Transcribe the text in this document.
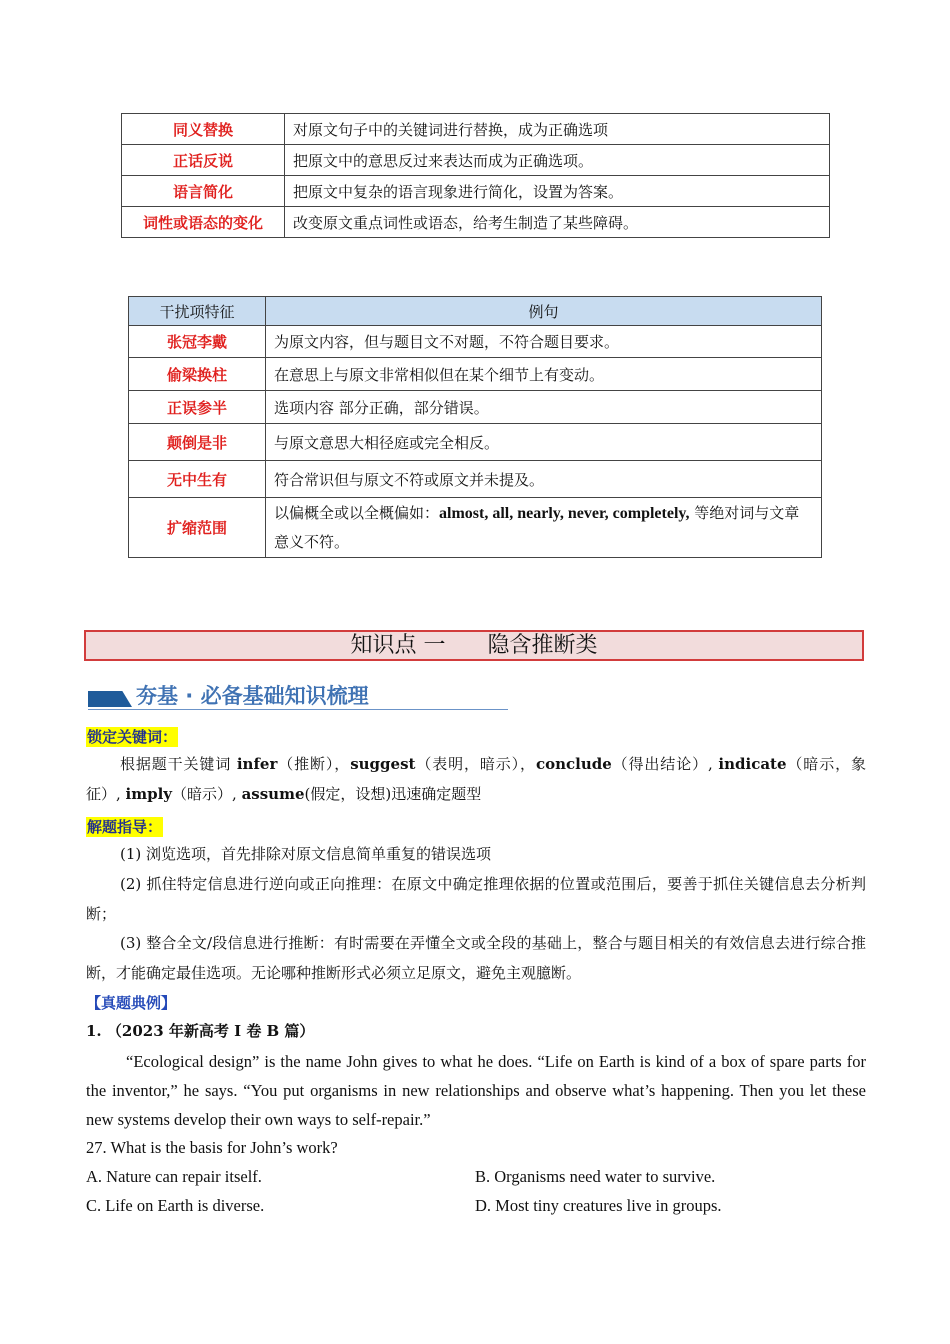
同义替换	对原文句子中的关键词进行替换，成为正确选项
正话反说	把原文中的意思反过来表达而成为正确选项。
语言简化	把原文中复杂的语言现象进行简化，设置为答案。
词性或语态的变化	改变原文重点词性或语态，给考生制造了某些障碍。
干扰项特征	例句
张冠李戴	为原文内容，但与题目文不对题，不符合题目要求。
偷梁换柱	在意思上与原文非常相似但在某个细节上有变动。
正误参半	选项内容 部分正确，部分错误。
颠倒是非	与原文意思大相径庭或完全相反。
无中生有	符合常识但与原文不符或原文并未提及。
扩缩范围	以偏概全或以全概偏如：almost, all, nearly, never, completely, 等绝对词与文章意义不符。
知识点 一      隐含推断类
夯基 · 必备基础知识梳理
锁定关键词：
根据题干关键词 infer（推断），suggest（表明，暗示），conclude（得出结论）, indicate（暗示，象征）, imply（暗示）, assume(假定，设想)迅速确定题型
解题指导：
(1) 浏览选项，首先排除对原文信息简单重复的错误选项
(2) 抓住特定信息进行逆向或正向推理：在原文中确定推理依据的位置或范围后，要善于抓住关键信息去分析判断；
(3) 整合全文/段信息进行推断：有时需要在弄懂全文或全段的基础上，整合与题目相关的有效信息去进行综合推断，才能确定最佳选项。无论哪种推断形式必须立足原文，避免主观臆断。
【真题典例】
1. （2023 年新高考 I 卷 B 篇）
“Ecological design” is the name John gives to what he does. “Life on Earth is kind of a box of spare parts for the inventor,” he says. “You put organisms in new relationships and observe what’s happening. Then you let these new systems develop their own ways to self-repair.”
27. What is the basis for John’s work?
A. Nature can repair itself.	B. Organisms need water to survive.
C. Life on Earth is diverse.	D. Most tiny creatures live in groups.
